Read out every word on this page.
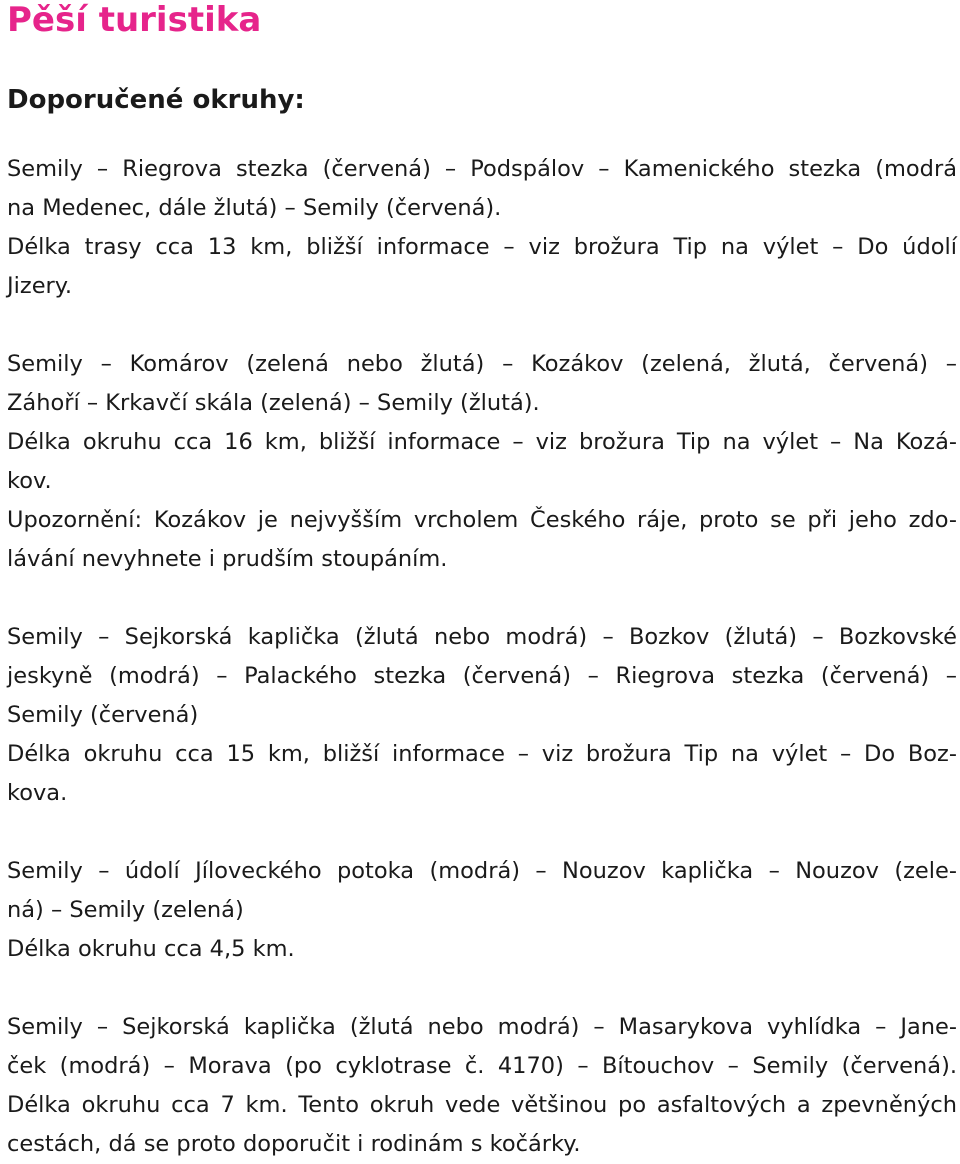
Pěší turistika
Doporučené okruhy:
Semily – Riegrova stezka (červená) – Podspálov – Kamenického stezka (modrá
na Medenec, dále žlutá) – Semily (červená).
Délka trasy cca 13 km, bližší informace – viz brožura Tip na výlet – Do údolí
Jizery.
Semily – Komárov (zelená nebo žlutá) – Kozákov (zelená, žlutá, červená) –
Záhoří – Krkavčí skála (zelená) – Semily (žlutá).
Délka okruhu cca 16 km, bližší informace – viz brožura Tip na výlet – Na Kozá-
kov.
Upozornění: Kozákov je nejvyšším vrcholem Českého ráje, proto se při jeho zdo-
lávání nevyhnete i prudším stoupáním.
Semily – Sejkorská kaplička (žlutá nebo modrá) – Bozkov (žlutá) – Bozkovské
jeskyně (modrá) – Palackého stezka (červená) – Riegrova stezka (červená) –
Semily (červená)
Délka okruhu cca 15 km, bližší informace – viz brožura Tip na výlet – Do Boz-
kova.
Semily – údolí Jíloveckého potoka (modrá) – Nouzov kaplička – Nouzov (zele-
ná) – Semily (zelená)
Délka okruhu cca 4,5 km.
Semily – Sejkorská kaplička (žlutá nebo modrá) – Masarykova vyhlídka – Jane-
ček (modrá) – Morava (po cyklotrase č. 4170) – Bítouchov – Semily (červená).
Délka okruhu cca 7 km. Tento okruh vede většinou po asfaltových a zpevněných
cestách, dá se proto doporučit i rodinám s kočárky.
